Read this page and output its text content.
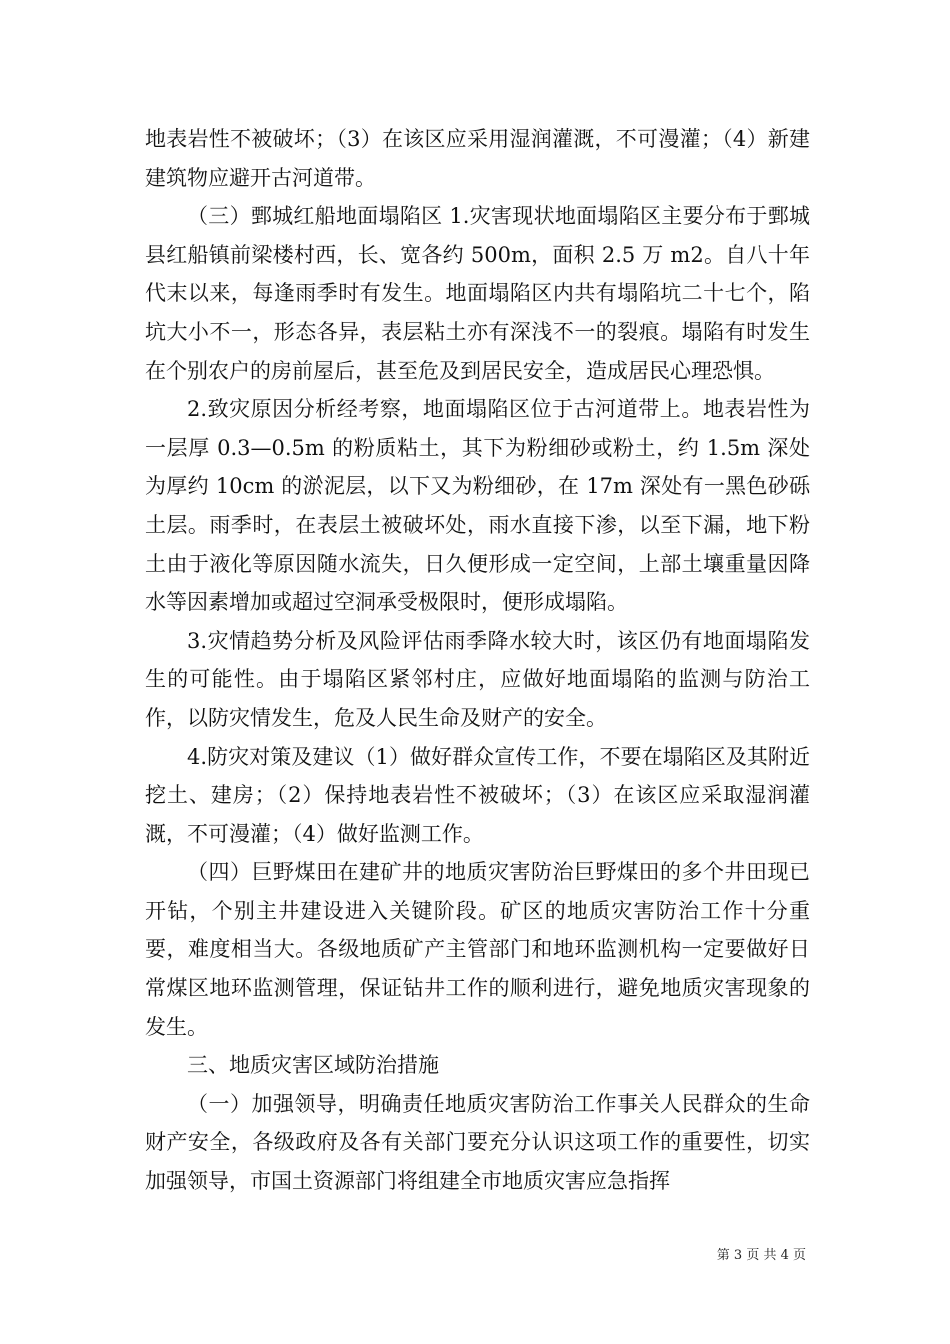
地表岩性不被破坏；（3）在该区应采用湿润灌溉，不可漫灌；（4）新建建筑物应避开古河道带。

（三）鄄城红船地面塌陷区 1.灾害现状地面塌陷区主要分布于鄄城县红船镇前梁楼村西，长、宽各约 500m，面积 2.5 万 m2。自八十年代末以来，每逢雨季时有发生。地面塌陷区内共有塌陷坑二十七个，陷坑大小不一，形态各异，表层粘土亦有深浅不一的裂痕。塌陷有时发生在个别农户的房前屋后，甚至危及到居民安全，造成居民心理恐惧。

2.致灾原因分析经考察，地面塌陷区位于古河道带上。地表岩性为一层厚 0.3—0.5m 的粉质粘土，其下为粉细砂或粉土，约 1.5m 深处为厚约 10cm 的淤泥层，以下又为粉细砂，在 17m 深处有一黑色砂砾土层。雨季时，在表层土被破坏处，雨水直接下渗，以至下漏，地下粉土由于液化等原因随水流失，日久便形成一定空间，上部土壤重量因降水等因素增加或超过空洞承受极限时，便形成塌陷。

3.灾情趋势分析及风险评估雨季降水较大时，该区仍有地面塌陷发生的可能性。由于塌陷区紧邻村庄，应做好地面塌陷的监测与防治工作，以防灾情发生，危及人民生命及财产的安全。

4.防灾对策及建议（1）做好群众宣传工作，不要在塌陷区及其附近挖土、建房；（2）保持地表岩性不被破坏；（3）在该区应采取湿润灌溉，不可漫灌；（4）做好监测工作。

（四）巨野煤田在建矿井的地质灾害防治巨野煤田的多个井田现已开钻，个别主井建设进入关键阶段。矿区的地质灾害防治工作十分重要，难度相当大。各级地质矿产主管部门和地环监测机构一定要做好日常煤区地环监测管理，保证钻井工作的顺利进行，避免地质灾害现象的发生。

三、地质灾害区域防治措施

（一）加强领导，明确责任地质灾害防治工作事关人民群众的生命财产安全，各级政府及各有关部门要充分认识这项工作的重要性，切实加强领导，市国土资源部门将组建全市地质灾害应急指挥

第 3 页 共 4 页
